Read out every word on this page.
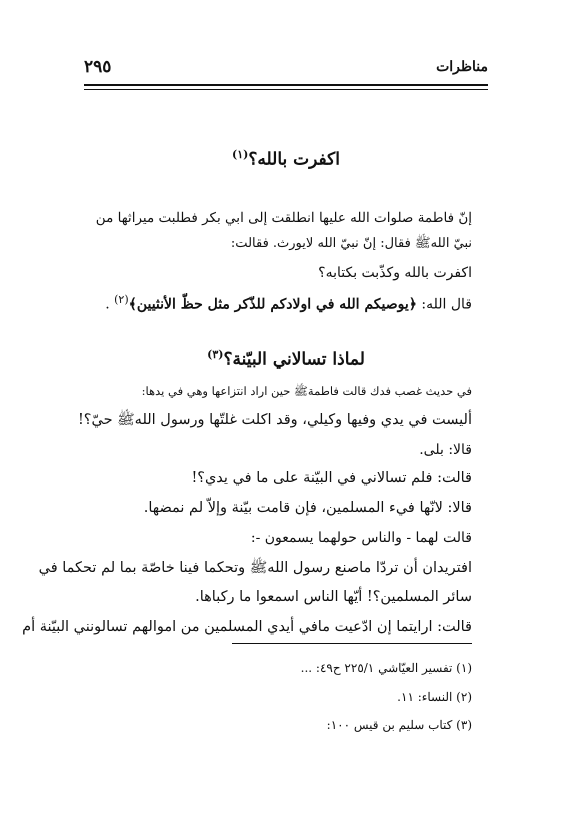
مناظرات
٢٩٥
اكفرت بالله؟$^{(١)}$
إنّ فاطمة صلوات الله عليها انطلقت إلى ابي بكر فطلبت ميراثها من
نبيّ اللهﷺ فقال: إنّ نبيّ الله لايورث. فقالت:
اكفرت بالله وكذّبت بكتابه؟
قال الله: ﴿يوصيكم الله في اولادكم للذّكر مثل حظّ الأنثيين﴾$^{(٢)}$ .
لماذا تسالاني البيّنة؟$^{(٣)}$
في حديث غصب فدك قالت فاطمةﷺ حين اراد انتزاعها وهي في يدها:
أليست في يدي وفيها وكيلي، وقد اكلت غلتّها ورسول اللهﷺ حيّ؟!
قالا: بلى.
قالت: فلم تسالاني في البيّنة على ما في يدي؟!
قالا: لانّها فيء المسلمين، فإن قامت بيّنة وإلاّ لم نمضها.
قالت لهما - والناس حولهما يسمعون -:
افتريدان أن تردّا ماصنع رسول اللهﷺ وتحكما فينا خاصّة بما لم تحكما في
سائر المسلمين؟! أيّها الناس اسمعوا ما ركباها.
قالت: ارايتما إن ادّعيت مافي أيدي المسلمين من اموالهم تسالونني البيّنة أم
(١) تفسير العيّاشي ٢٢٥/١ ح٤٩: ...
(٢) النساء: ١١.
(٣) كتاب سليم بن قيس ١٠٠:
